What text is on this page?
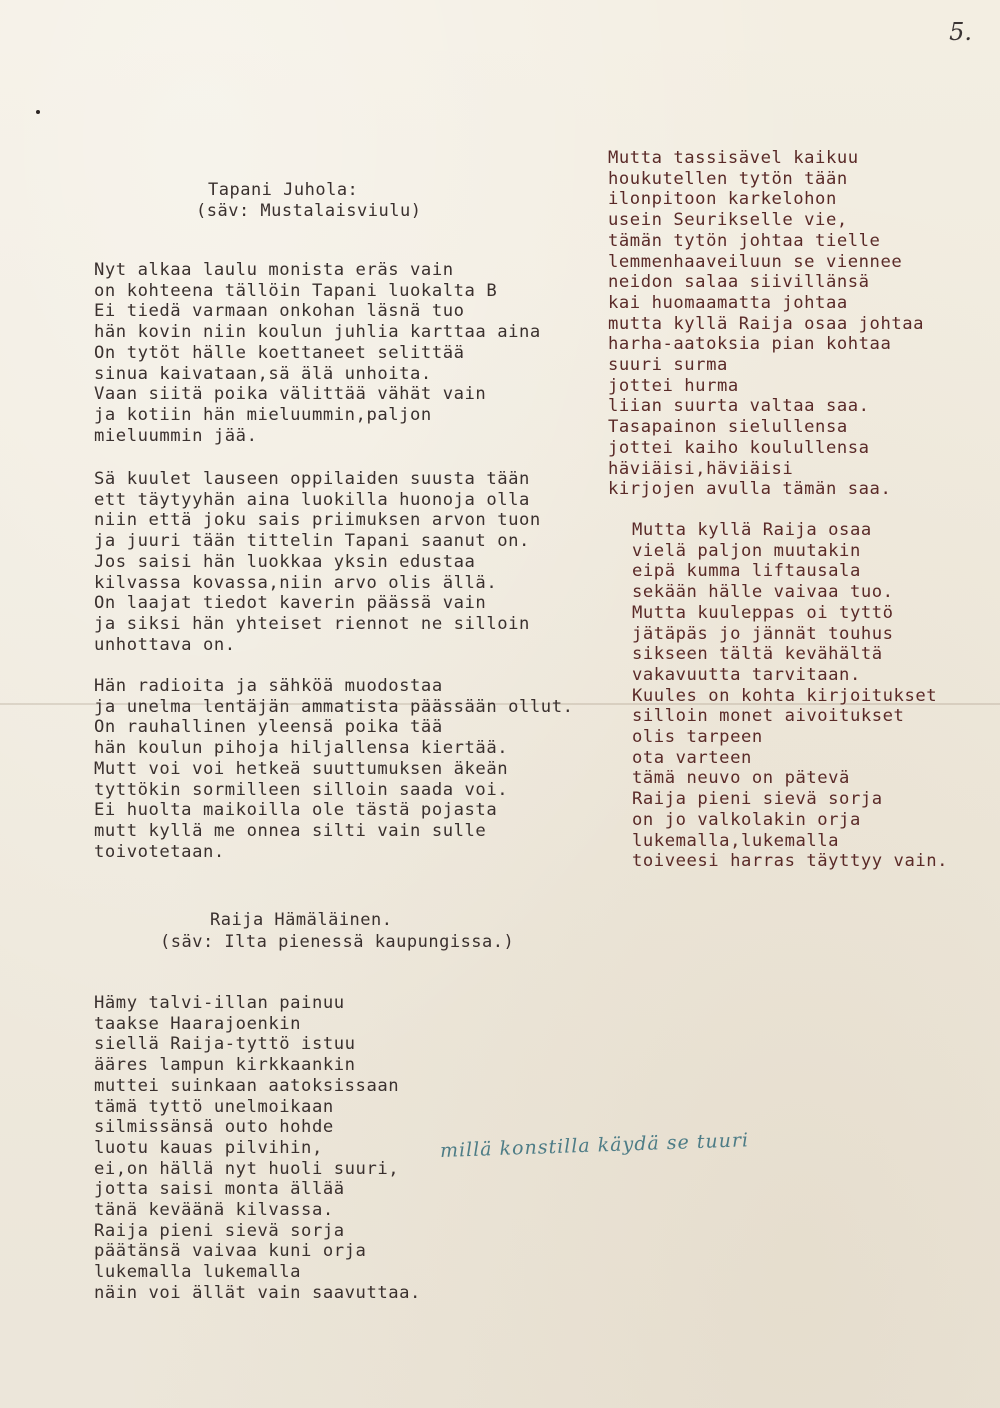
5.
Tapani Juhola:
(säv: Mustalaisviulu)
Nyt alkaa laulu monista eräs vain
on kohteena tällöin Tapani luokalta B
Ei tiedä varmaan onkohan läsnä tuo
hän kovin niin koulun juhlia karttaa aina
On tytöt hälle koettaneet selittää
sinua kaivataan,sä älä unhoita.
Vaan siitä poika välittää vähät vain
ja kotiin hän mieluummin,paljon
mieluummin jää.
Sä kuulet lauseen oppilaiden suusta tään
ett täytyyhän aina luokilla huonoja olla
niin että joku sais priimuksen arvon tuon
ja juuri tään tittelin Tapani saanut on.
Jos saisi hän luokkaa yksin edustaa
kilvassa kovassa,niin arvo olis ällä.
On laajat tiedot kaverin päässä vain
ja siksi hän yhteiset riennot ne silloin
unhottava on.
Hän radioita ja sähköä muodostaa
ja unelma lentäjän ammatista päässään ollut.
On rauhallinen yleensä poika tää
hän koulun pihoja hiljallensa kiertää.
Mutt voi voi hetkeä suuttumuksen äkeän
tyttökin sormilleen silloin saada voi.
Ei huolta maikoilla ole tästä pojasta
mutt kyllä me onnea silti vain sulle
toivotetaan.
Raija Hämäläinen.
(säv: Ilta pienessä kaupungissa.)
Hämy talvi-illan painuu
taakse Haarajoenkin
siellä Raija-tyttö istuu
ääres lampun kirkkaankin
muttei suinkaan aatoksissaan
tämä tyttö unelmoikaan
silmissänsä outo hohde
luotu kauas pilvihin,
ei,on hällä nyt huoli suuri,
jotta saisi monta ällää
tänä keväänä kilvassa.
Raija pieni sievä sorja
päätänsä vaivaa kuni orja
lukemalla lukemalla
näin voi ällät vain saavuttaa.
millä konstilla käydä se tuuri
Mutta tassisävel kaikuu
houkutellen tytön tään
ilonpitoon karkelohon
usein Seurikselle vie,
tämän tytön johtaa tielle
lemmenhaaveiluun se viennee
neidon salaa siivillänsä
kai huomaamatta johtaa
mutta kyllä Raija osaa johtaa
harha-aatoksia pian kohtaa
suuri surma
jottei hurma
liian suurta valtaa saa.
Tasapainon sielullensa
jottei kaiho koulullensa
häviäisi,häviäisi
kirjojen avulla tämän saa.
Mutta kyllä Raija osaa
vielä paljon muutakin
eipä kumma liftausala
sekään hälle vaivaa tuo.
Mutta kuuleppas oi tyttö
jätäpäs jo jännät touhus
sikseen tältä kevähältä
vakavuutta tarvitaan.
Kuules on kohta kirjoitukset
silloin monet aivoitukset
olis tarpeen
ota varteen
tämä neuvo on pätevä
Raija pieni sievä sorja
on jo valkolakin orja
lukemalla,lukemalla
toiveesi harras täyttyy vain.
